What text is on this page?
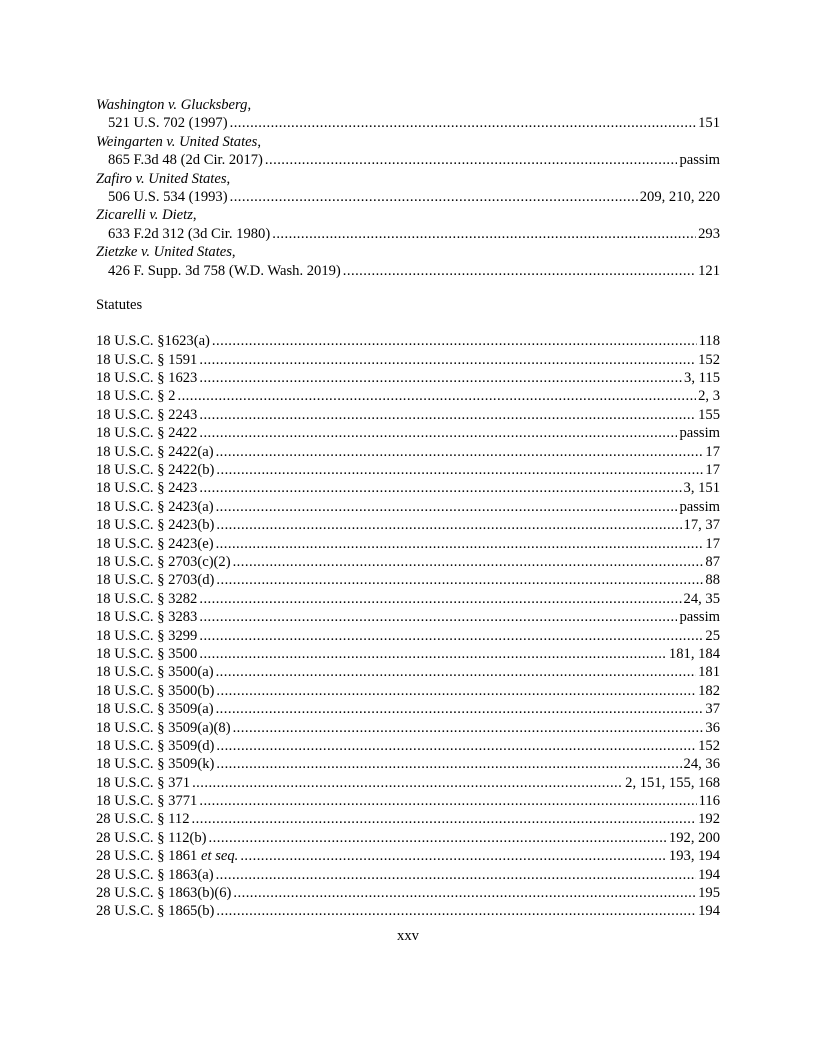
Washington v. Glucksberg,
521 U.S. 702 (1997) . . .	151
Weingarten v. United States,
865 F.3d 48 (2d Cir. 2017) . . .	passim
Zafiro v. United States,
506 U.S. 534 (1993) . . .	209, 210, 220
Zicarelli v. Dietz,
633 F.2d 312 (3d Cir. 1980) . . .	293
Zietzke v. United States,
426 F. Supp. 3d 758 (W.D. Wash. 2019) . . .	121
Statutes
18 U.S.C. §1623(a) . . .	118
18 U.S.C. § 1591 . . .	152
18 U.S.C. § 1623 . . .	3, 115
18 U.S.C. § 2 . . .	2, 3
18 U.S.C. § 2243 . . .	155
18 U.S.C. § 2422 . . .	passim
18 U.S.C. § 2422(a) . . .	17
18 U.S.C. § 2422(b) . . .	17
18 U.S.C. § 2423 . . .	3, 151
18 U.S.C. § 2423(a) . . .	passim
18 U.S.C. § 2423(b) . . .	17, 37
18 U.S.C. § 2423(e) . . .	17
18 U.S.C. § 2703(c)(2) . . .	87
18 U.S.C. § 2703(d) . . .	88
18 U.S.C. § 3282 . . .	24, 35
18 U.S.C. § 3283 . . .	passim
18 U.S.C. § 3299 . . .	25
18 U.S.C. § 3500 . . .	181, 184
18 U.S.C. § 3500(a) . . .	181
18 U.S.C. § 3500(b) . . .	182
18 U.S.C. § 3509(a) . . .	37
18 U.S.C. § 3509(a)(8) . . .	36
18 U.S.C. § 3509(d) . . .	152
18 U.S.C. § 3509(k) . . .	24, 36
18 U.S.C. § 371 . . .	2, 151, 155, 168
18 U.S.C. § 3771 . . .	116
28 U.S.C. § 112 . . .	192
28 U.S.C. § 112(b) . . .	192, 200
28 U.S.C. § 1861 et seq. . . .	193, 194
28 U.S.C. § 1863(a) . . .	194
28 U.S.C. § 1863(b)(6) . . .	195
28 U.S.C. § 1865(b) . . .	194
xxv
